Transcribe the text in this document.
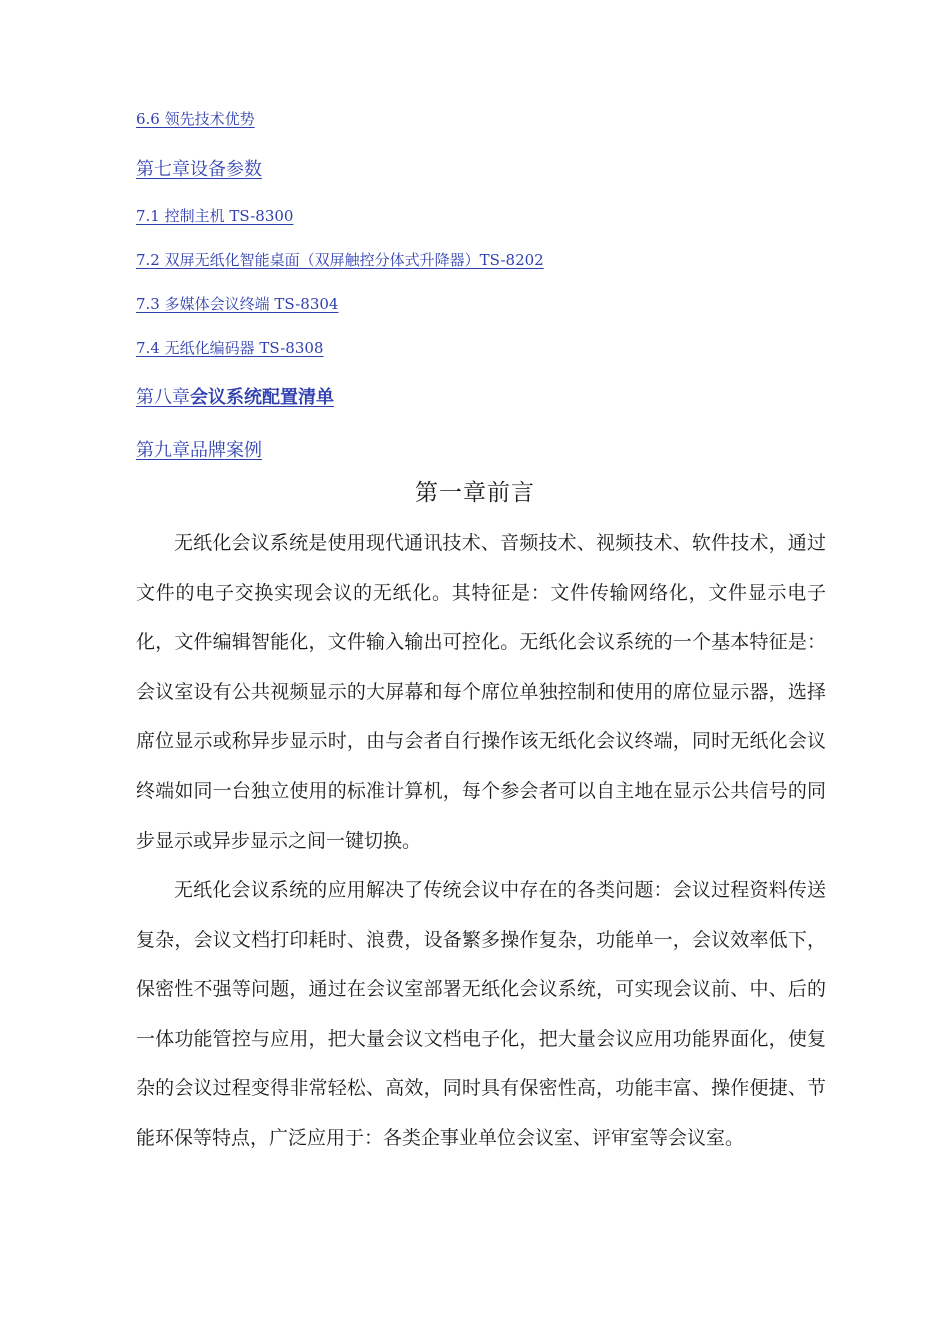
6.6 领先技术优势
第七章设备参数
7.1 控制主机 TS-8300
7.2 双屏无纸化智能桌面（双屏触控分体式升降器）TS-8202
7.3 多媒体会议终端 TS-8304
7.4 无纸化编码器 TS-8308
第八章会议系统配置清单
第九章品牌案例
第一章前言

无纸化会议系统是使用现代通讯技术、音频技术、视频技术、软件技术，通过文件的电子交换实现会议的无纸化。其特征是：文件传输网络化，文件显示电子化，文件编辑智能化，文件输入输出可控化。无纸化会议系统的一个基本特征是：会议室设有公共视频显示的大屏幕和每个席位单独控制和使用的席位显示器，选择席位显示或称异步显示时，由与会者自行操作该无纸化会议终端，同时无纸化会议终端如同一台独立使用的标准计算机，每个参会者可以自主地在显示公共信号的同步显示或异步显示之间一键切换。

无纸化会议系统的应用解决了传统会议中存在的各类问题：会议过程资料传送复杂，会议文档打印耗时、浪费，设备繁多操作复杂，功能单一，会议效率低下，保密性不强等问题，通过在会议室部署无纸化会议系统，可实现会议前、中、后的一体功能管控与应用，把大量会议文档电子化，把大量会议应用功能界面化，使复杂的会议过程变得非常轻松、高效，同时具有保密性高，功能丰富、操作便捷、节能环保等特点，广泛应用于：各类企事业单位会议室、评审室等会议室。
